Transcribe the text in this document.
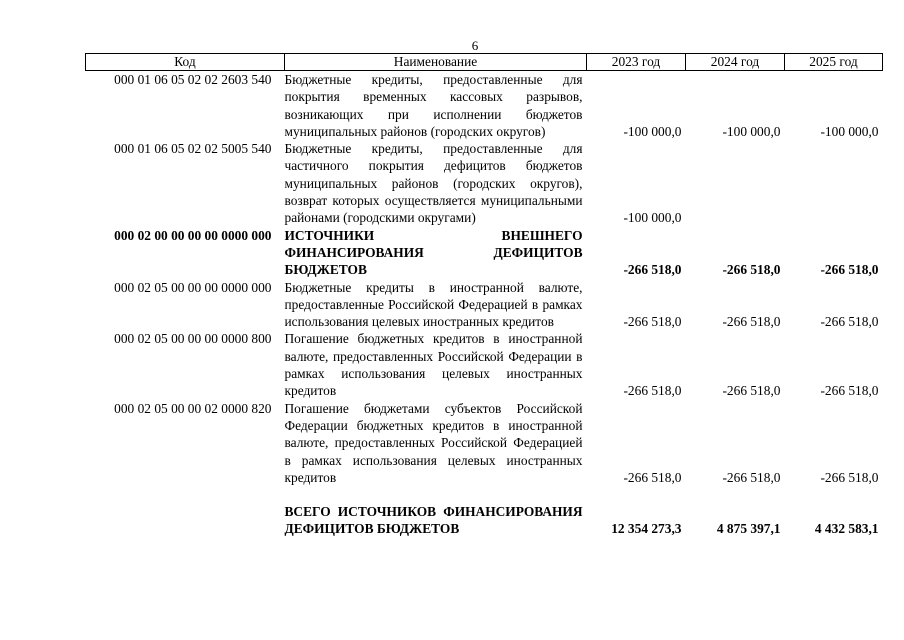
6
Код	Наименование	2023 год	2024 год	2025 год
000 01 06 05 02 02 2603 540	Бюджетные кредиты, предоставленные для покрытия временных кассовых разрывов, возникающих при исполнении бюджетов муниципальных районов (городских округов)	-100 000,0	-100 000,0	-100 000,0
000 01 06 05 02 02 5005 540	Бюджетные кредиты, предоставленные для частичного покрытия дефицитов бюджетов муниципальных районов (городских округов), возврат которых осуществляется муниципальными районами (городскими округами)	-100 000,0		
000 02 00 00 00 00 0000 000	ИСТОЧНИКИ ВНЕШНЕГО ФИНАНСИРОВАНИЯ ДЕФИЦИТОВ БЮДЖЕТОВ	-266 518,0	-266 518,0	-266 518,0
000 02 05 00 00 00 0000 000	Бюджетные кредиты в иностранной валюте, предоставленные Российской Федерацией в рамках использования целевых иностранных кредитов	-266 518,0	-266 518,0	-266 518,0
000 02 05 00 00 00 0000 800	Погашение бюджетных кредитов в иностранной валюте, предоставленных Российской Федерации в рамках использования целевых иностранных кредитов	-266 518,0	-266 518,0	-266 518,0
000 02 05 00 00 02 0000 820	Погашение бюджетами субъектов Российской Федерации бюджетных кредитов в иностранной валюте, предоставленных Российской Федерацией в рамках использования целевых иностранных кредитов	-266 518,0	-266 518,0	-266 518,0

	ВСЕГО ИСТОЧНИКОВ ФИНАНСИРОВАНИЯ ДЕФИЦИТОВ БЮДЖЕТОВ	12 354 273,3	4 875 397,1	4 432 583,1
